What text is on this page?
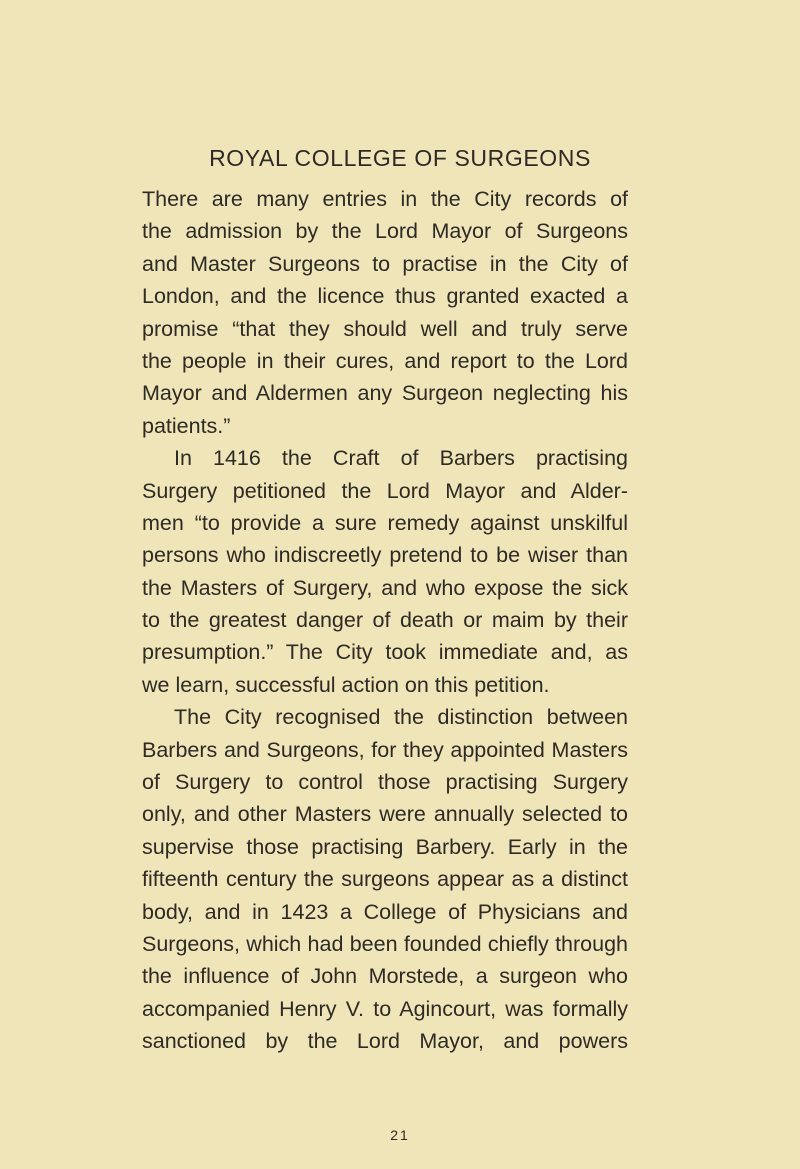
ROYAL COLLEGE OF SURGEONS
There are many entries in the City records of
the admission by the Lord Mayor of Surgeons
and Master Surgeons to practise in the City of
London, and the licence thus granted exacted a
promise “that they should well and truly serve
the people in their cures, and report to the Lord
Mayor and Aldermen any Surgeon neglecting his
patients.”
In 1416 the Craft of Barbers practising
Surgery petitioned the Lord Mayor and Alder-
men “to provide a sure remedy against unskilful
persons who indiscreetly pretend to be wiser than
the Masters of Surgery, and who expose the sick
to the greatest danger of death or maim by their
presumption.” The City took immediate and, as
we learn, successful action on this petition.
The City recognised the distinction between
Barbers and Surgeons, for they appointed Masters
of Surgery to control those practising Surgery
only, and other Masters were annually selected to
supervise those practising Barbery. Early in the
fifteenth century the surgeons appear as a distinct
body, and in 1423 a College of Physicians and
Surgeons, which had been founded chiefly through
the influence of John Morstede, a surgeon who
accompanied Henry V. to Agincourt, was formally
sanctioned by the Lord Mayor, and powers
21
